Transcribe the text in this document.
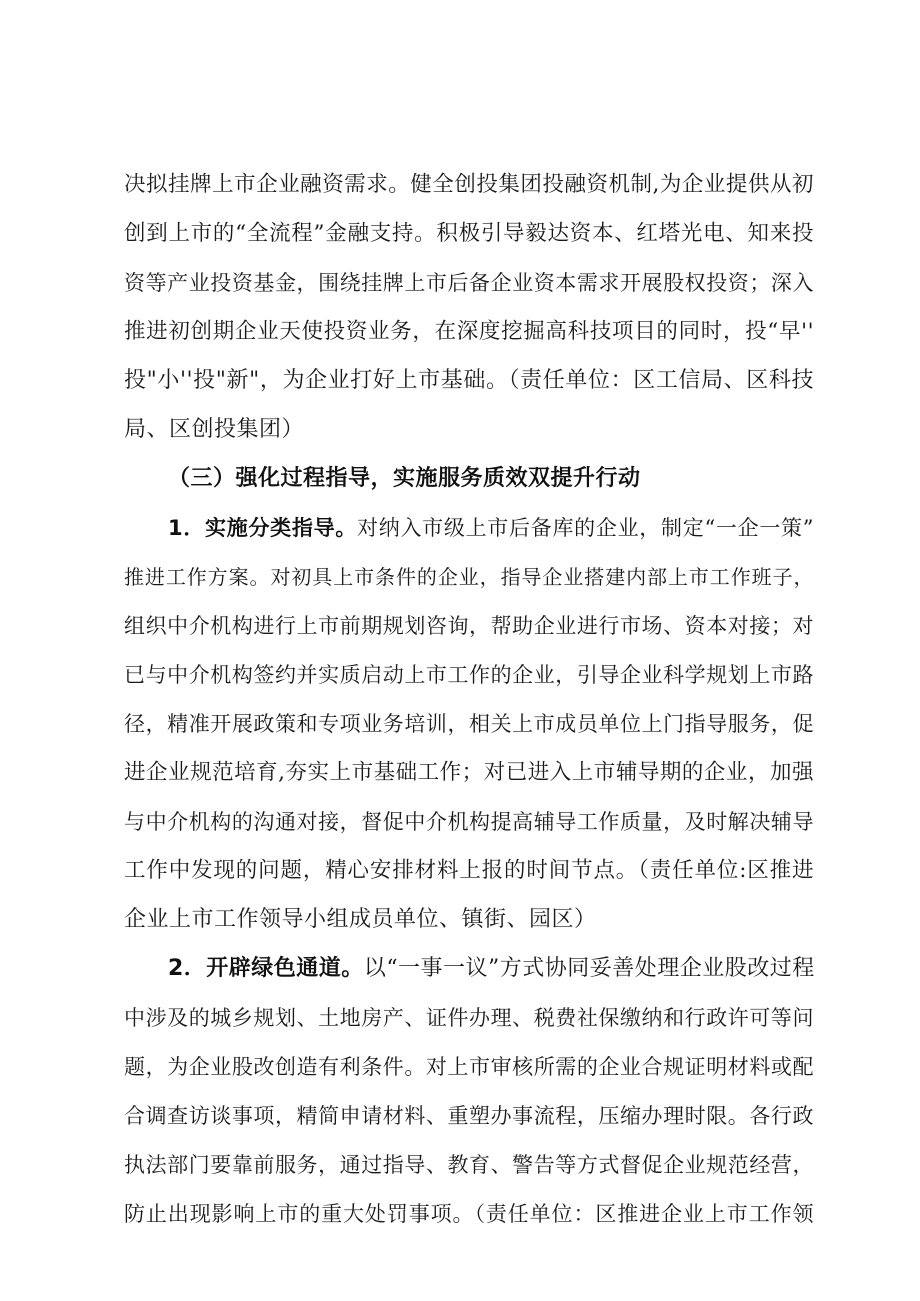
决拟挂牌上市企业融资需求。健全创投集团投融资机制,为企业提供从初
创到上市的“全流程”金融支持。积极引导毅达资本、红塔光电、知来投
资等产业投资基金，围绕挂牌上市后备企业资本需求开展股权投资；深入
推进初创期企业天使投资业务，在深度挖掘高科技项目的同时，投“早''
投"小''投"新"，为企业打好上市基础。（责任单位：区工信局、区科技
局、区创投集团）
（三）强化过程指导，实施服务质效双提升行动
1．实施分类指导。对纳入市级上市后备库的企业，制定“一企一策”
推进工作方案。对初具上市条件的企业，指导企业搭建内部上市工作班子，
组织中介机构进行上市前期规划咨询，帮助企业进行市场、资本对接；对
已与中介机构签约并实质启动上市工作的企业，引导企业科学规划上市路
径，精准开展政策和专项业务培训，相关上市成员单位上门指导服务，促
进企业规范培育,夯实上市基础工作；对已进入上市辅导期的企业，加强
与中介机构的沟通对接，督促中介机构提高辅导工作质量，及时解决辅导
工作中发现的问题，精心安排材料上报的时间节点。（责任单位:区推进
企业上市工作领导小组成员单位、镇街、园区）
2．开辟绿色通道。以“一事一议”方式协同妥善处理企业股改过程
中涉及的城乡规划、土地房产、证件办理、税费社保缴纳和行政许可等问
题，为企业股改创造有利条件。对上市审核所需的企业合规证明材料或配
合调查访谈事项，精简申请材料、重塑办事流程，压缩办理时限。各行政
执法部门要靠前服务，通过指导、教育、警告等方式督促企业规范经营，
防止出现影响上市的重大处罚事项。（责任单位：区推进企业上市工作领
